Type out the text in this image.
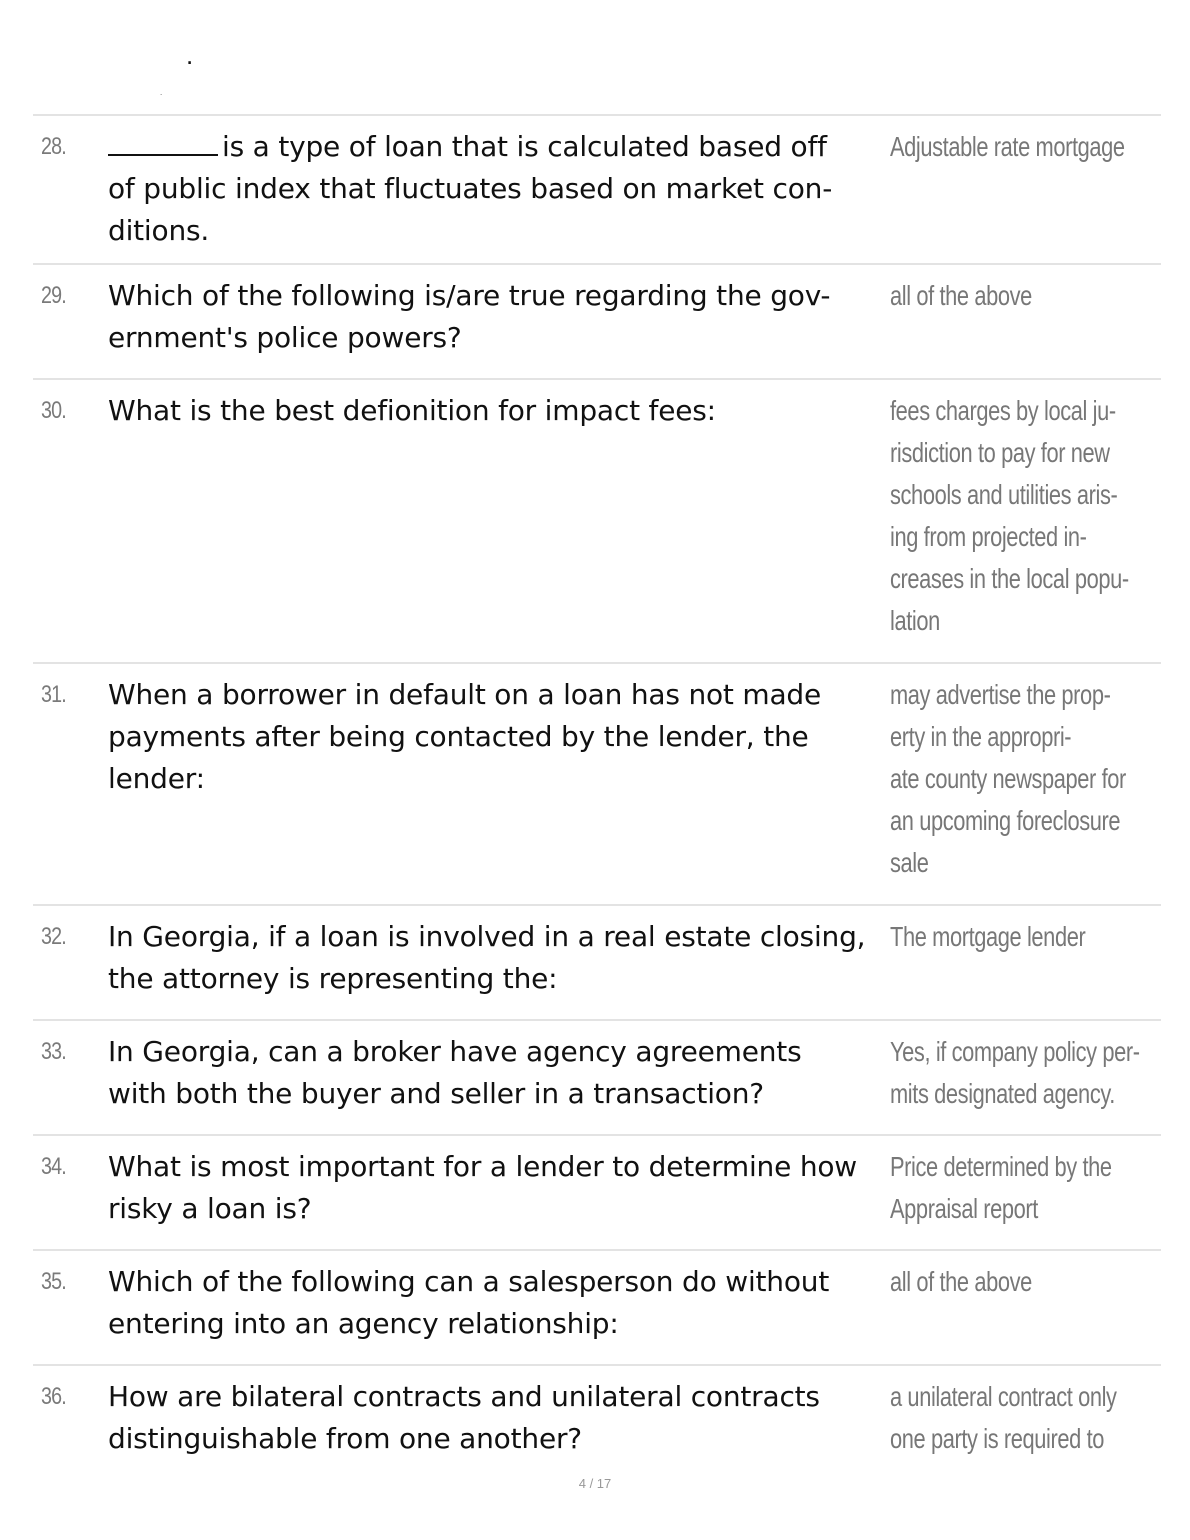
.
.
28.	is a type of loan that is calculated based off
of public index that fluctuates based on market con-
ditions.
Adjustable rate mortgage
29. Which of the following is/are true regarding the gov-
ernment's police powers?
all of the above
30. What is the best defionition for impact fees:	fees charges by local ju-
risdiction to pay for new
schools and utilities aris-
ing from projected in-
creases in the local popu-
lation
31. When a borrower in default on a loan has not made
payments after being contacted by the lender, the
lender:
may advertise the prop-
erty in the appropri-
ate county newspaper for
an upcoming foreclosure
sale
32. In Georgia, if a loan is involved in a real estate closing,
the attorney is representing the:
The mortgage lender
33. In Georgia, can a broker have agency agreements
with both the buyer and seller in a transaction?
Yes, if company policy per-
mits designated agency.
34. What is most important for a lender to determine how
risky a loan is?
Price determined by the
Appraisal report
35. Which of the following can a salesperson do without
entering into an agency relationship:
all of the above
36. How are bilateral contracts and unilateral contracts
distinguishable from one another?
a unilateral contract only
one party is required to
4 / 17
